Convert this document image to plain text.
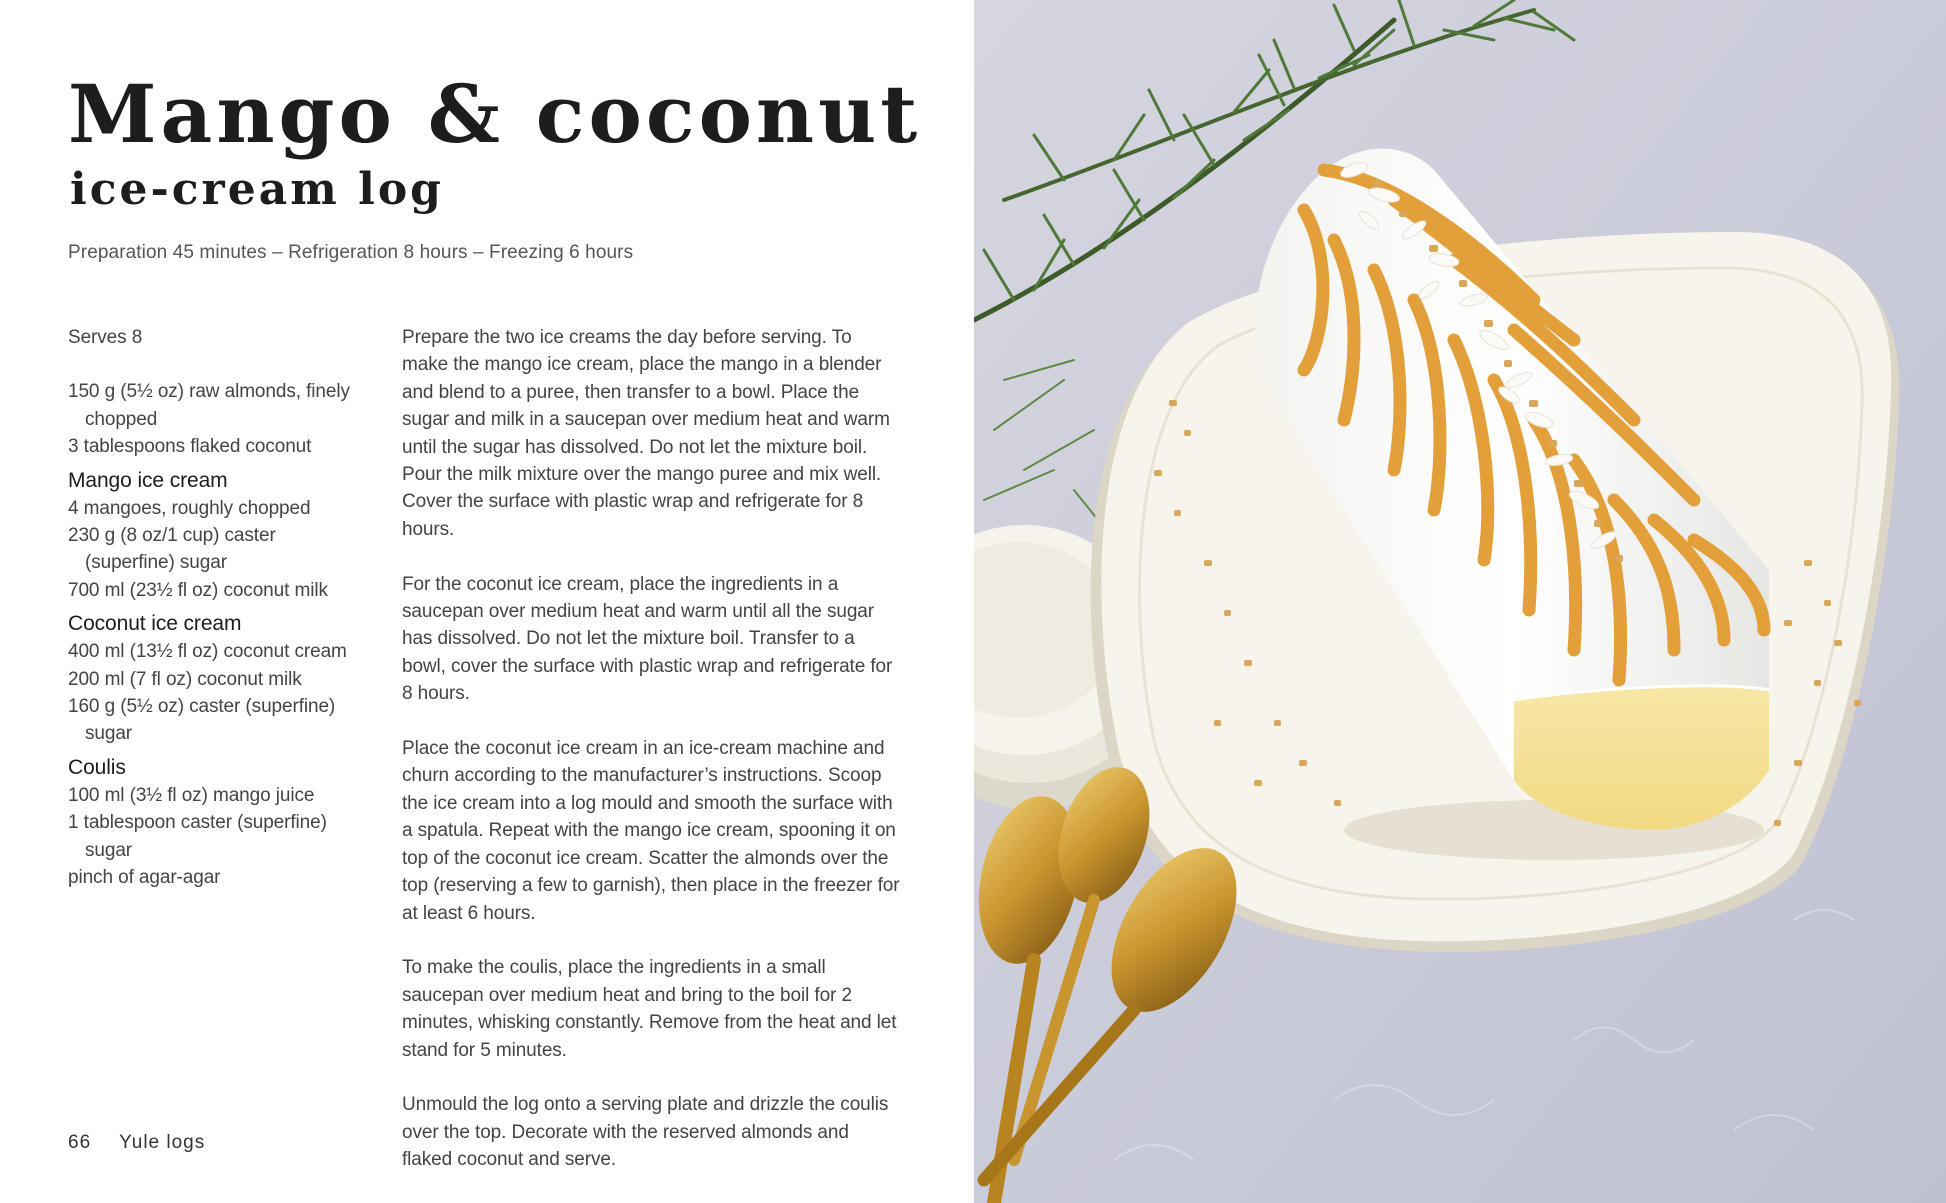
Mango & coconut
ice-cream log
Preparation 45 minutes – Refrigeration 8 hours – Freezing 6 hours
Serves 8
150 g (5½ oz) raw almonds, finely chopped
3 tablespoons flaked coconut
Mango ice cream
4 mangoes, roughly chopped
230 g (8 oz/1 cup) caster (superfine) sugar
700 ml (23½ fl oz) coconut milk
Coconut ice cream
400 ml (13½ fl oz) coconut cream
200 ml (7 fl oz) coconut milk
160 g (5½ oz) caster (superfine) sugar
Coulis
100 ml (3½ fl oz) mango juice
1 tablespoon caster (superfine) sugar
pinch of agar-agar

Prepare the two ice creams the day before serving. To make the mango ice cream, place the mango in a blender and blend to a puree, then transfer to a bowl. Place the sugar and milk in a saucepan over medium heat and warm until the sugar has dissolved. Do not let the mixture boil. Pour the milk mixture over the mango puree and mix well. Cover the surface with plastic wrap and refrigerate for 8 hours.

For the coconut ice cream, place the ingredients in a saucepan over medium heat and warm until all the sugar has dissolved. Do not let the mixture boil. Transfer to a bowl, cover the surface with plastic wrap and refrigerate for 8 hours.

Place the coconut ice cream in an ice-cream machine and churn according to the manufacturer’s instructions. Scoop the ice cream into a log mould and smooth the surface with a spatula. Repeat with the mango ice cream, spooning it on top of the coconut ice cream. Scatter the almonds over the top (reserving a few to garnish), then place in the freezer for at least 6 hours.

To make the coulis, place the ingredients in a small saucepan over medium heat and bring to the boil for 2 minutes, whisking constantly. Remove from the heat and let stand for 5 minutes.

Unmould the log onto a serving plate and drizzle the coulis over the top. Decorate with the reserved almonds and flaked coconut and serve.

66 Yule logs
